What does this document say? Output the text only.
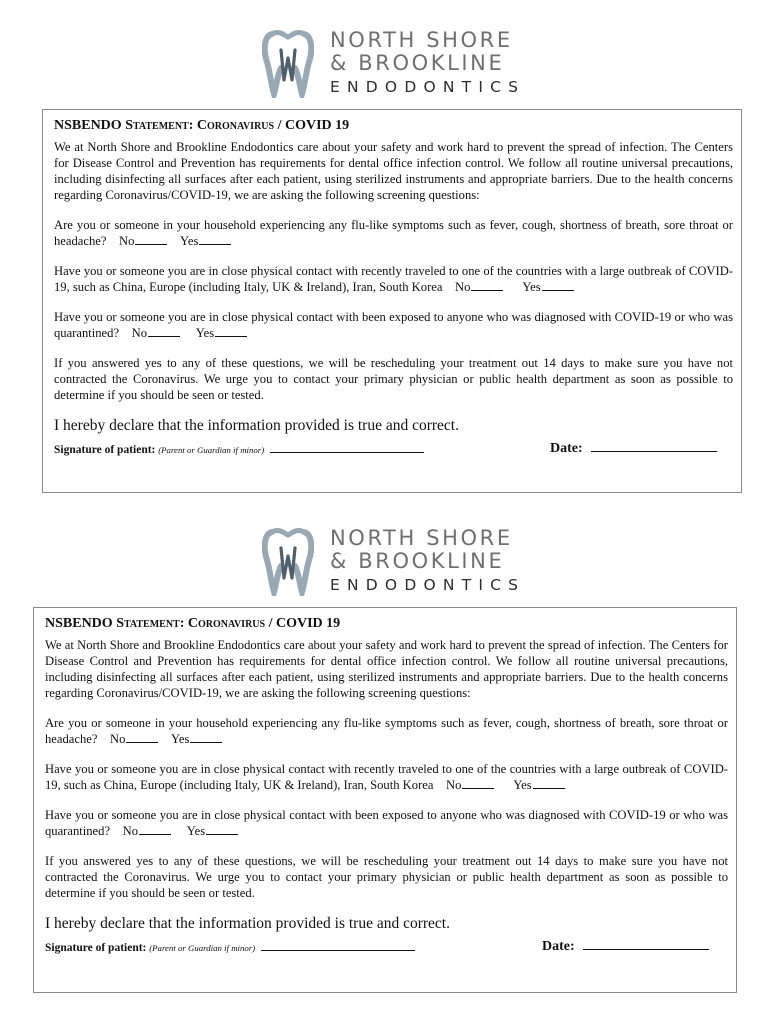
NORTH SHORE
& BROOKLINE
ENDODONTICS
NSBENDO Statement: Coronavirus / COVID 19

We at North Shore and Brookline Endodontics care about your safety and work hard to prevent the spread of infection. The Centers for Disease Control and Prevention has requirements for dental office infection control. We follow all routine universal precautions, including disinfecting all surfaces after each patient, using sterilized instruments and appropriate barriers. Due to the health concerns regarding Coronavirus/COVID-19, we are asking the following screening questions:

Are you or someone in your household experiencing any flu-like symptoms such as fever, cough, shortness of breath, sore throat or headache? No	Yes

Have you or someone you are in close physical contact with recently traveled to one of the countries with a large outbreak of COVID-19, such as China, Europe (including Italy, UK & Ireland), Iran, South Korea No	Yes

Have you or someone you are in close physical contact with been exposed to anyone who was diagnosed with COVID-19 or who was quarantined? No	Yes

If you answered yes to any of these questions, we will be rescheduling your treatment out 14 days to make sure you have not contracted the Coronavirus. We urge you to contact your primary physician or public health department as soon as possible to determine if you should be seen or tested.

I hereby declare that the information provided is true and correct.
Signature of patient: (Parent or Guardian if minor)	Date:
NORTH SHORE
& BROOKLINE
ENDODONTICS
NSBENDO Statement: Coronavirus / COVID 19

We at North Shore and Brookline Endodontics care about your safety and work hard to prevent the spread of infection. The Centers for Disease Control and Prevention has requirements for dental office infection control. We follow all routine universal precautions, including disinfecting all surfaces after each patient, using sterilized instruments and appropriate barriers. Due to the health concerns regarding Coronavirus/COVID-19, we are asking the following screening questions:

Are you or someone in your household experiencing any flu-like symptoms such as fever, cough, shortness of breath, sore throat or headache? No	Yes

Have you or someone you are in close physical contact with recently traveled to one of the countries with a large outbreak of COVID-19, such as China, Europe (including Italy, UK & Ireland), Iran, South Korea No	Yes

Have you or someone you are in close physical contact with been exposed to anyone who was diagnosed with COVID-19 or who was quarantined? No	Yes

If you answered yes to any of these questions, we will be rescheduling your treatment out 14 days to make sure you have not contracted the Coronavirus. We urge you to contact your primary physician or public health department as soon as possible to determine if you should be seen or tested.

I hereby declare that the information provided is true and correct.
Signature of patient: (Parent or Guardian if minor)	Date:
